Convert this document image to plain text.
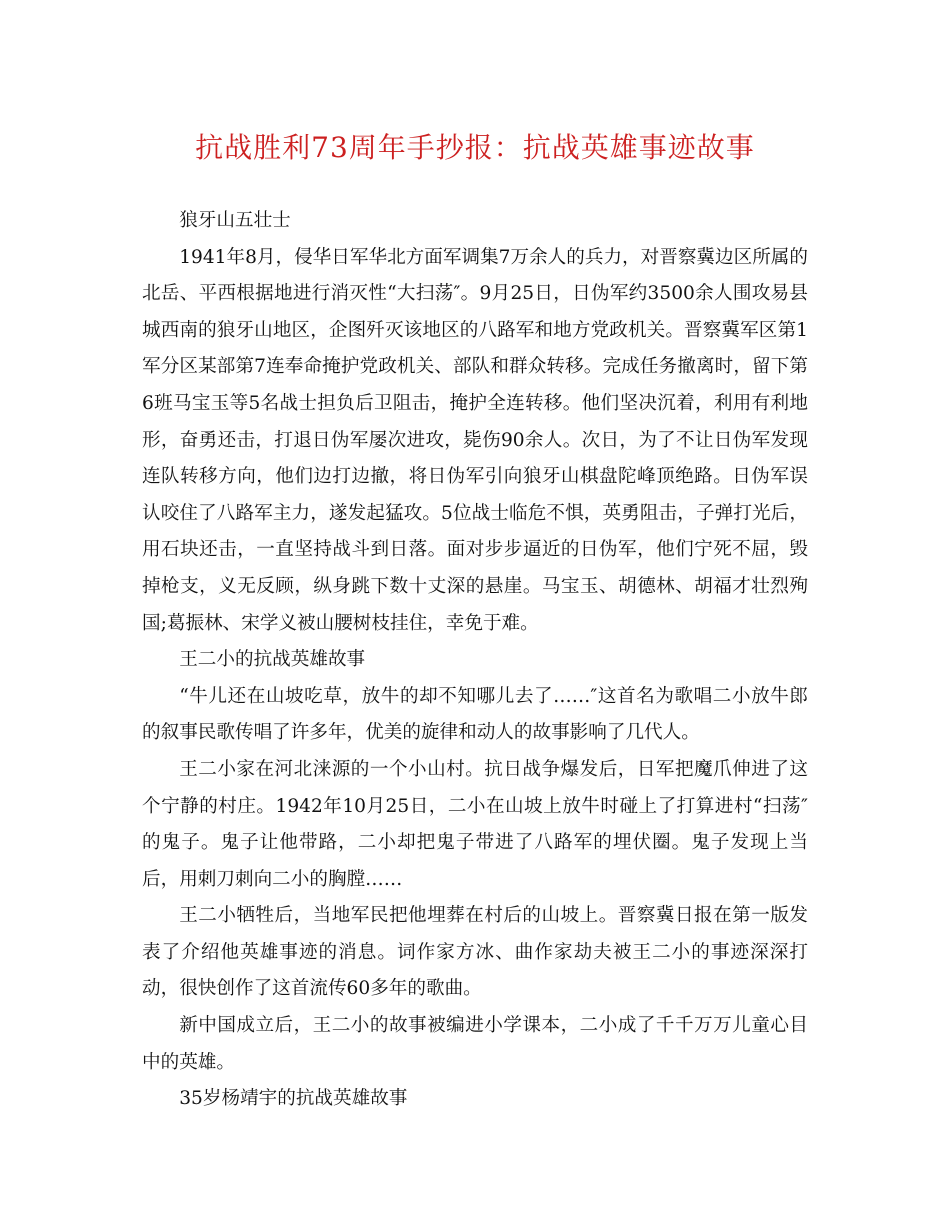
抗战胜利73周年手抄报：抗战英雄事迹故事

狼牙山五壮士

1941年8月，侵华日军华北方面军调集7万余人的兵力，对晋察冀边区所属的北岳、平西根据地进行消灭性“大扫荡″。9月25日，日伪军约3500余人围攻易县城西南的狼牙山地区，企图歼灭该地区的八路军和地方党政机关。晋察冀军区第1军分区某部第7连奉命掩护党政机关、部队和群众转移。完成任务撤离时，留下第6班马宝玉等5名战士担负后卫阻击，掩护全连转移。他们坚决沉着，利用有利地形，奋勇还击，打退日伪军屡次进攻，毙伤90余人。次日，为了不让日伪军发现连队转移方向，他们边打边撤，将日伪军引向狼牙山棋盘陀峰顶绝路。日伪军误认咬住了八路军主力，遂发起猛攻。5位战士临危不惧，英勇阻击，子弹打光后，用石块还击，一直坚持战斗到日落。面对步步逼近的日伪军，他们宁死不屈，毁掉枪支，义无反顾，纵身跳下数十丈深的悬崖。马宝玉、胡德林、胡福才壮烈殉国;葛振林、宋学义被山腰树枝挂住，幸免于难。

王二小的抗战英雄故事

“牛儿还在山坡吃草，放牛的却不知哪儿去了……″这首名为歌唱二小放牛郎的叙事民歌传唱了许多年，优美的旋律和动人的故事影响了几代人。

王二小家在河北涞源的一个小山村。抗日战争爆发后，日军把魔爪伸进了这个宁静的村庄。1942年10月25日，二小在山坡上放牛时碰上了打算进村“扫荡″的鬼子。鬼子让他带路，二小却把鬼子带进了八路军的埋伏圈。鬼子发现上当后，用刺刀刺向二小的胸膛……

王二小牺牲后，当地军民把他埋葬在村后的山坡上。晋察冀日报在第一版发表了介绍他英雄事迹的消息。词作家方冰、曲作家劫夫被王二小的事迹深深打动，很快创作了这首流传60多年的歌曲。

新中国成立后，王二小的故事被编进小学课本，二小成了千千万万儿童心目中的英雄。

35岁杨靖宇的抗战英雄故事
